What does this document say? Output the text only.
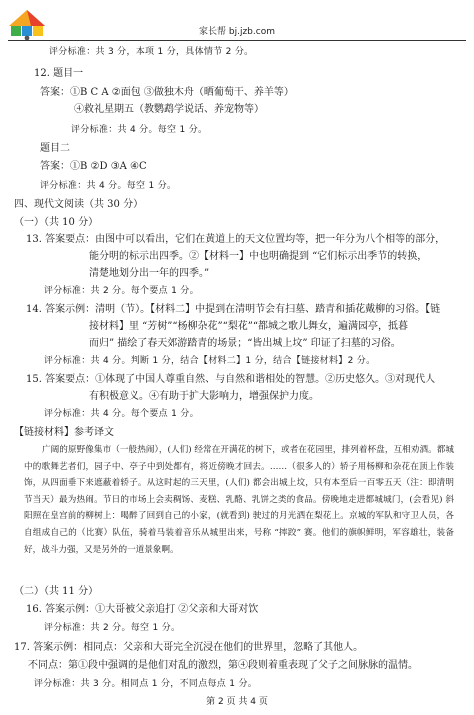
家长帮 bj.jzb.com
评分标准：共 3 分，本项 1 分，具体情节 2 分。
12. 题目一
答案：①B C A ②面包 ③做独木舟（晒葡萄干、养羊等）
④救礼星期五（教鹦鹉学说话、养宠物等）
评分标准：共 4 分。每空 1 分。
题目二
答案：①B ②D ③A ④C
评分标准：共 4 分。每空 1 分。
四、现代文阅读（共 30 分）
（一）（共 10 分）
13. 答案要点：由图中可以看出，它们在黄道上的天文位置均等，把一年分为八个相等的部分，
能分明的标示出四季。②【材料一】中也明确提到 “它们标示出季节的转换，
清楚地划分出一年的四季。”
评分标准：共 2 分。每个要点 1 分。
14. 答案示例：清明（节）。【材料二】中提到在清明节会有扫墓、踏青和插花戴柳的习俗。【链
接材料】里 “芳树”“杨柳杂花”“梨花”“都城之歌儿舞女，遍满园亭，抵暮
而归” 描绘了春天郊游踏青的场景；“皆出城上坟” 印证了扫墓的习俗。
评分标准：共 4 分。判断 1 分，结合【材料二】1 分，结合【链接材料】2 分。
15. 答案要点：①体现了中国人尊重自然、与自然和谐相处的智慧。②历史悠久。③对现代人
有积极意义。④有助于扩大影响力，增强保护力度。
评分标准：共 4 分。每个要点 1 分。
【链接材料】参考译文
广阔的原野像集市（一般热闹），(人们) 经常在开满花的树下，或者在花园里，排列着杯盘，互相劝酒。都城中的歌舞艺者们，园子中、亭子中到处都有，将近傍晚才回去。……（很多人的）轿子用杨柳和杂花在顶上作装饰，从四面垂下来遮蔽着轿子。从这时起的三天里，(人们) 都会出城上坟，只有本至后一百零五天（注：即清明节当天）最为热闹。节日的市场上会卖稠饧、麦糕、乳酪、乳饼之类的食品。傍晚地走进都城城门，(会看见) 斜阳照在皇宫前的柳树上：喝醉了回到自己的小家，(就看到) 驶过的月光洒在梨花上。京城的军队和守卫人员，各自组成自己的（比赛）队伍，骑着马装着音乐从城里出来，号称 “摔跤” 赛。他们的旗帜鲜明，军容雄壮，装备好，战斗力强，又是另外的一道景象啊。
（二）（共 11 分）
16. 答案示例：①大哥被父亲追打 ②父亲和大哥对饮
评分标准：共 2 分。每空 1 分。
17. 答案示例：相同点：父亲和大哥完全沉浸在他们的世界里，忽略了其他人。
不同点：第①段中强调的是他们对乱的激烈，第④段则着重表现了父子之间脉脉的温情。
评分标准：共 3 分。相同点 1 分，不同点每点 1 分。
第 2 页 共 4 页
